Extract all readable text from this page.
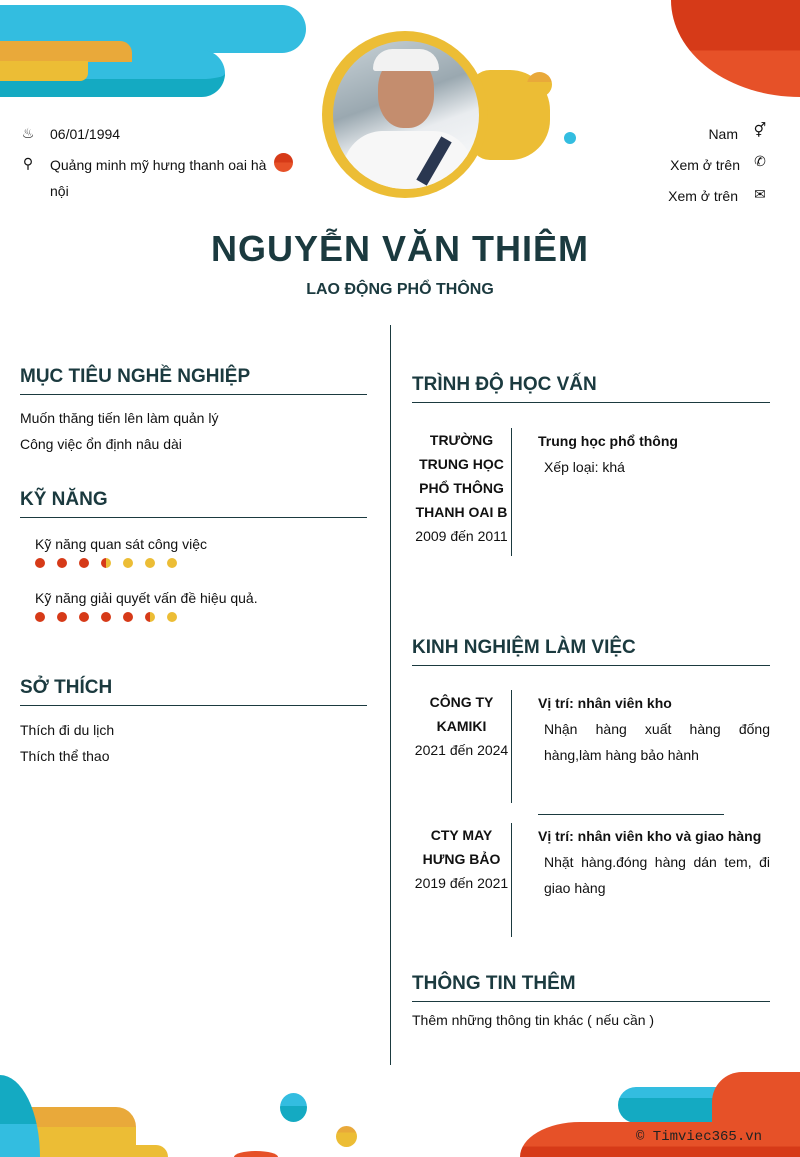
♨ 06/01/1994
⚲ Quảng minh mỹ hưng thanh oai hà nội
Nam ⚥
Xem ở trên ✆
Xem ở trên ✉
NGUYỄN VĂN THIÊM
LAO ĐỘNG PHỔ THÔNG
MỤC TIÊU NGHỀ NGHIỆP
Muốn thăng tiến lên làm quản lý
Công việc ổn định nâu dài
KỸ NĂNG
Kỹ năng quan sát công việc
Kỹ năng giải quyết vấn đề hiệu quả.
SỞ THÍCH
Thích đi du lịch
Thích thể thao
TRÌNH ĐỘ HỌC VẤN
TRƯỜNG TRUNG HỌC PHỔ THÔNG THANH OAI B
2009 đến 2011
Trung học phổ thông
Xếp loại: khá
KINH NGHIỆM LÀM VIỆC
CÔNG TY KAMIKI
2021 đến 2024
Vị trí: nhân viên kho
Nhận hàng xuất hàng đống hàng,làm hàng bảo hành
CTY MAY HƯNG BẢO
2019 đến 2021
Vị trí: nhân viên kho và giao hàng
Nhặt hàng.đóng hàng dán tem, đi giao hàng
THÔNG TIN THÊM
Thêm những thông tin khác ( nếu cần )
© Timviec365.vn
